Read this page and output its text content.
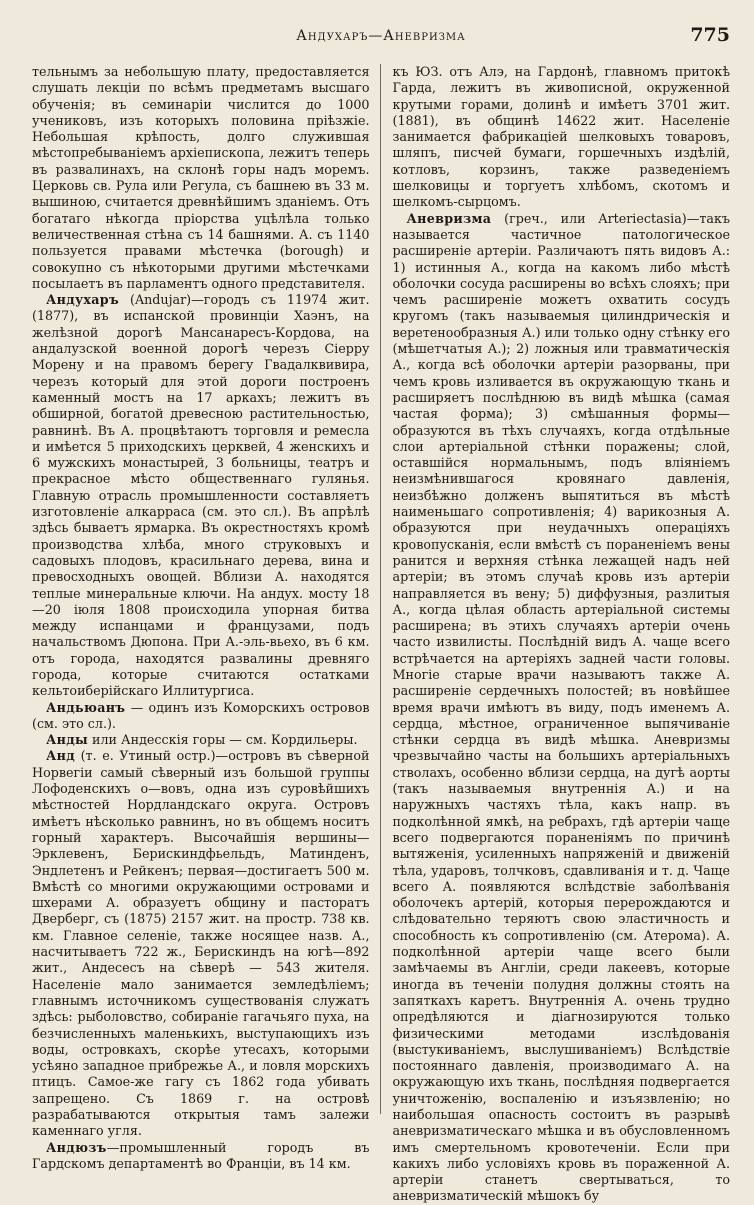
Андухаръ—Аневризма	775

тельнымъ за небольшую плату, предоставляется слушать лекціи по всѣмъ предметамъ высшаго обученія; въ семинаріи числится до 1000 учениковъ, изъ которыхъ половина пріѣзжіе. Небольшая крѣпость, долго служившая мѣстопребываніемъ архіепископа, лежитъ теперь въ развалинахъ, на склонѣ горы надъ моремъ. Церковь св. Рула или Регула, съ башнею въ 33 м. вышиною, считается древнѣйшимъ зданіемъ. Отъ богатаго нѣкогда пріорства уцѣлѣла только величественная стѣна съ 14 башнями. А. съ 1140 пользуется правами мѣстечка (borough) и совокупно съ нѣкоторыми другими мѣстечками посылаетъ въ парламентъ одного представителя.

Андухаръ (Andujar)—городъ съ 11974 жит. (1877), въ испанской провинціи Хаэнъ, на желѣзной дорогѣ Мансанаресъ-Кордова, на андалузской военной дорогѣ черезъ Сіерру Морену и на правомъ берегу Гвадалквивира, черезъ который для этой дороги построенъ каменный мостъ на 17 аркахъ; лежитъ въ обширной, богатой древесною растительностью, равнинѣ. Въ А. процвѣтаютъ торговля и ремесла и имѣется 5 приходскихъ церквей, 4 женскихъ и 6 мужскихъ монастырей, 3 больницы, театръ и прекрасное мѣсто общественнаго гулянья. Главную отрасль промышленности составляетъ изготовленіе алкарраса (см. это сл.). Въ апрѣлѣ здѣсь бываетъ ярмарка. Въ окрестностяхъ кромѣ производства хлѣба, много струковыхъ и садовыхъ плодовъ, красильнаго дерева, вина и превосходныхъ овощей. Вблизи А. находятся теплые минеральные ключи. На андух. мосту 18—20 іюля 1808 происходила упорная битва между испанцами и французами, подъ начальствомъ Дюпона. При А.-эль-вьехо, въ 6 км. отъ города, находятся развалины древняго города, которые считаются остатками кельтоиберійскаго Иллитургиса.

Андьюанъ — одинъ изъ Коморскихъ островов (см. это сл.).

Анды или Андесскія горы — см. Кордильеры.

Анд (т. е. Утиный остр.)—островъ въ сѣверной Норвегіи самый сѣверный изъ большой группы Лофоденскихъ о—вовъ, одна изъ суровѣйшихъ мѣстностей Нордландскаго округа. Островъ имѣетъ нѣсколько равнинъ, но въ общемъ носитъ горный характеръ. Высочайшія вершины—Эрклевенъ, Берискиндфьельдъ, Матинденъ, Эндлетенъ и Рейкенъ; первая—достигаетъ 500 м. Вмѣстѣ со многими окружающими островами и шхерами А. образуетъ общину и пасторатъ Дверберг, съ (1875) 2157 жит. на простр. 738 кв. км. Главное селеніе, также носящее назв. А., насчитываетъ 722 ж., Берискиндъ на югѣ—892 жит., Андесесъ на сѣверѣ — 543 жителя. Населеніе мало занимается земледѣліемъ; главнымъ источникомъ существованія служатъ здѣсь: рыболовство, собираніе гагачьяго пуха, на безчисленныхъ маленькихъ, выступающихъ изъ воды, островкахъ, скорѣе утесахъ, которыми усѣяно западное прибрежье А., и ловля морскихъ птицъ. Самое-же гагу съ 1862 года убивать запрещено. Съ 1869 г. на островѣ разрабатываются открытыя тамъ залежи каменнаго угля.

Андюзъ—промышленный городъ въ Гардскомъ департаментѣ во Франціи, въ 14 км.

къ ЮЗ. отъ Алэ, на Гардонѣ, главномъ притокѣ Гарда, лежитъ въ живописной, окруженной крутыми горами, долинѣ и имѣетъ 3701 жит. (1881), въ общинѣ 14622 жит. Населеніе занимается фабрикаціей шелковыхъ товаровъ, шляпъ, писчей бумаги, горшечныхъ издѣлій, котловъ, корзинъ, также разведеніемъ шелковицы и торгуетъ хлѣбомъ, скотомъ и шелкомъ-сырцомъ.

Аневризма (греч., или Arteriectasia)—такъ называется частичное патологическое расширеніе артеріи. Различаютъ пять видовъ А.: 1) истинныя А., когда на какомъ либо мѣстѣ оболочки сосуда расширены во всѣхъ слояхъ; при чемъ расширеніе можетъ охватить сосудъ кругомъ (такъ называемыя цилиндрическія и веретенообразныя А.) или только одну стѣнку его (мѣшетчатыя А.); 2) ложныя или травматическія А., когда всѣ оболочки артеріи разорваны, при чемъ кровь изливается въ окружающую ткань и расширяетъ послѣднюю въ видѣ мѣшка (самая частая форма); 3) смѣшанныя формы—образуются въ тѣхъ случаяхъ, когда отдѣльные слои артеріальной стѣнки поражены; слой, оставшійся нормальнымъ, подъ вліяніемъ неизмѣнившагося кровянаго давленія, неизбѣжно долженъ выпятиться въ мѣстѣ наименьшаго сопротивленія; 4) варикозныя А. образуются при неудачныхъ операціяхъ кровопусканія, если вмѣстѣ съ пораненіемъ вены ранится и верхняя стѣнка лежащей надъ ней артеріи; въ этомъ случаѣ кровь изъ артеріи направляется въ вену; 5) диффузныя, разлитыя А., когда цѣлая область артеріальной системы расширена; въ этихъ случаяхъ артеріи очень часто извилисты. Послѣдній видъ А. чаще всего встрѣчается на артеріяхъ задней части головы. Многіе старые врачи называютъ также А. расширеніе сердечныхъ полостей; въ новѣйшее время врачи имѣютъ въ виду, подъ именемъ А. сердца, мѣстное, ограниченное выпячиваніе стѣнки сердца въ видѣ мѣшка. Аневризмы чрезвычайно часты на большихъ артеріальныхъ стволахъ, особенно вблизи сердца, на дугѣ аорты (такъ называемыя внутреннія А.) и на наружныхъ частяхъ тѣла, какъ напр. въ подколѣнной ямкѣ, на ребрахъ, гдѣ артеріи чаще всего подвергаются пораненіямъ по причинѣ вытяженія, усиленныхъ напряженій и движеній тѣла, ударовъ, толчковъ, сдавливанія и т. д. Чаще всего А. появляются вслѣдствіе заболѣванія оболочекъ артерій, которыя перерождаются и слѣдовательно теряютъ свою эластичность и способность къ сопротивленію (см. Атерома). А. подколѣнной артеріи чаще всего были замѣчаемы въ Англіи, среди лакеевъ, которые иногда въ теченіи полудня должны стоять на запяткахъ каретъ. Внутреннія А. очень трудно опредѣляются и діагнозируются только физическими методами изслѣдованія (выстукиваніемъ, выслушиваніемъ) Вслѣдствіе постояннаго давленія, производимаго А. на окружающую ихъ ткань, послѣдняя подвергается уничтоженію, воспаленію и изъязвленію; но наибольшая опасность состоитъ въ разрывѣ аневризматическаго мѣшка и въ обусловленномъ имъ смертельномъ кровотеченіи. Если при какихъ либо условіяхъ кровь въ пораженной А. артеріи станетъ свертываться, то аневризматическій мѣшокъ бу
